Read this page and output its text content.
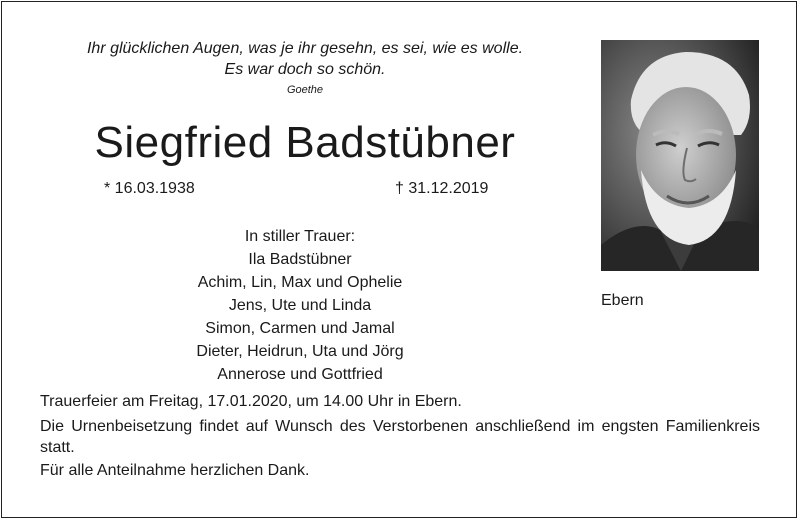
Ihr glücklichen Augen, was je ihr gesehn, es sei, wie es wolle.
Es war doch so schön.
Goethe
Siegfried Badstübner
* 16.03.1938	† 31.12.2019
In stiller Trauer:
Ila Badstübner
Achim, Lin, Max und Ophelie
Jens, Ute und Linda
Simon, Carmen und Jamal
Dieter, Heidrun, Uta und Jörg
Annerose und Gottfried
Ebern
Trauerfeier am Freitag, 17.01.2020, um 14.00 Uhr in Ebern.
Die Urnenbeisetzung findet auf Wunsch des Verstorbenen anschließend im engsten Familienkreis statt.
Für alle Anteilnahme herzlichen Dank.
